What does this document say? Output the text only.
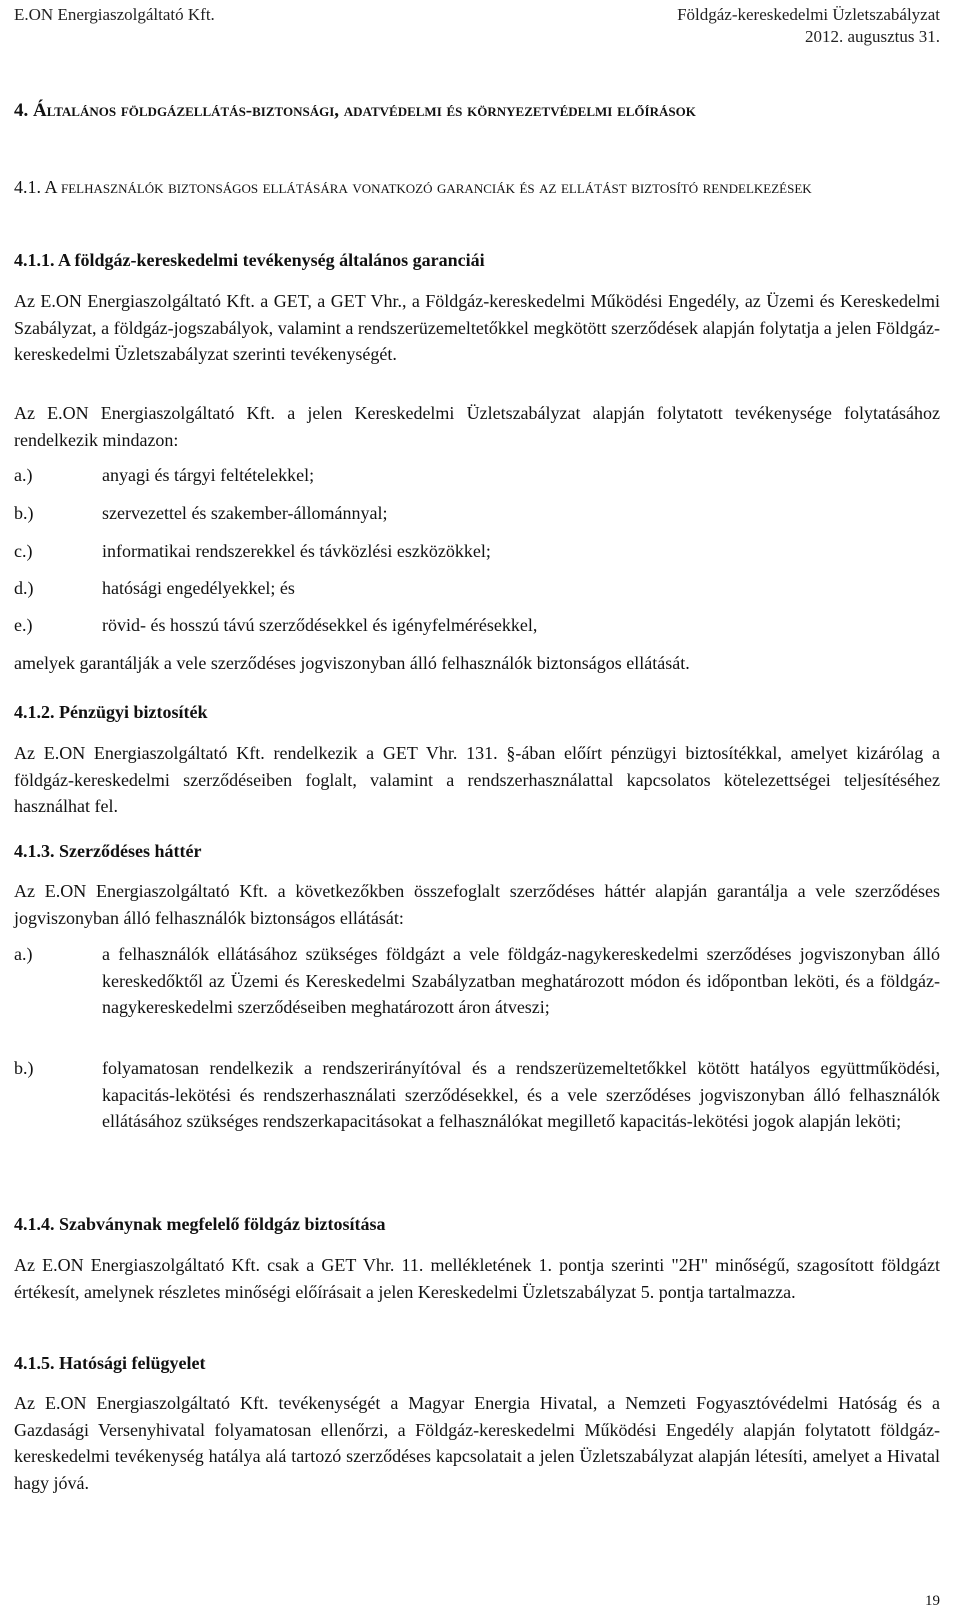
E.ON Energiaszolgáltató Kft.	Földgáz-kereskedelmi Üzletszabályzat
2012. augusztus 31.
4. Általános földgázellátás-biztonsági, adatvédelmi és környezetvédelmi előírások
4.1. A felhasználók biztonságos ellátására vonatkozó garanciák és az ellátást biztosító rendelkezések
4.1.1. A földgáz-kereskedelmi tevékenység általános garanciái
Az E.ON Energiaszolgáltató Kft. a GET, a GET Vhr., a Földgáz-kereskedelmi Működési Engedély, az Üzemi és Kereskedelmi Szabályzat, a földgáz-jogszabályok, valamint a rendszerüzemeltetőkkel megkötött szerződések alapján folytatja a jelen Földgáz-kereskedelmi Üzletszabályzat szerinti tevékenységét.
Az E.ON Energiaszolgáltató Kft. a jelen Kereskedelmi Üzletszabályzat alapján folytatott tevékenysége folytatásához rendelkezik mindazon:
a.)	anyagi és tárgyi feltételekkel;
b.)	szervezettel és szakember-állománnyal;
c.)	informatikai rendszerekkel és távközlési eszközökkel;
d.)	hatósági engedélyekkel; és
e.)	rövid- és hosszú távú szerződésekkel és igényfelmérésekkel,
amelyek garantálják a vele szerződéses jogviszonyban álló felhasználók biztonságos ellátását.
4.1.2. Pénzügyi biztosíték
Az E.ON Energiaszolgáltató Kft. rendelkezik a GET Vhr. 131. §-ában előírt pénzügyi biztosítékkal, amelyet kizárólag a földgáz-kereskedelmi szerződéseiben foglalt, valamint a rendszerhasználattal kapcsolatos kötelezettségei teljesítéséhez használhat fel.
4.1.3. Szerződéses háttér
Az E.ON Energiaszolgáltató Kft. a következőkben összefoglalt szerződéses háttér alapján garantálja a vele szerződéses jogviszonyban álló felhasználók biztonságos ellátását:
a.)	a felhasználók ellátásához szükséges földgázt a vele földgáz-nagykereskedelmi szerződéses jogviszonyban álló kereskedőktől az Üzemi és Kereskedelmi Szabályzatban meghatározott módon és időpontban leköti, és a földgáz-nagykereskedelmi szerződéseiben meghatározott áron átveszi;
b.)	folyamatosan rendelkezik a rendszerirányítóval és a rendszerüzemeltetőkkel kötött hatályos együttműködési, kapacitás-lekötési és rendszerhasználati szerződésekkel, és a vele szerződéses jogviszonyban álló felhasználók ellátásához szükséges rendszerkapacitásokat a felhasználókat megillető kapacitás-lekötési jogok alapján leköti;
4.1.4. Szabványnak megfelelő földgáz biztosítása
Az E.ON Energiaszolgáltató Kft. csak a GET Vhr. 11. mellékletének 1. pontja szerinti "2H" minőségű, szagosított földgázt értékesít, amelynek részletes minőségi előírásait a jelen Kereskedelmi Üzletszabályzat 5. pontja tartalmazza.
4.1.5. Hatósági felügyelet
Az E.ON Energiaszolgáltató Kft. tevékenységét a Magyar Energia Hivatal, a Nemzeti Fogyasztóvédelmi Hatóság és a Gazdasági Versenyhivatal folyamatosan ellenőrzi, a Földgáz-kereskedelmi Működési Engedély alapján folytatott földgáz-kereskedelmi tevékenység hatálya alá tartozó szerződéses kapcsolatait a jelen Üzletszabályzat alapján létesíti, amelyet a Hivatal hagy jóvá.
19
